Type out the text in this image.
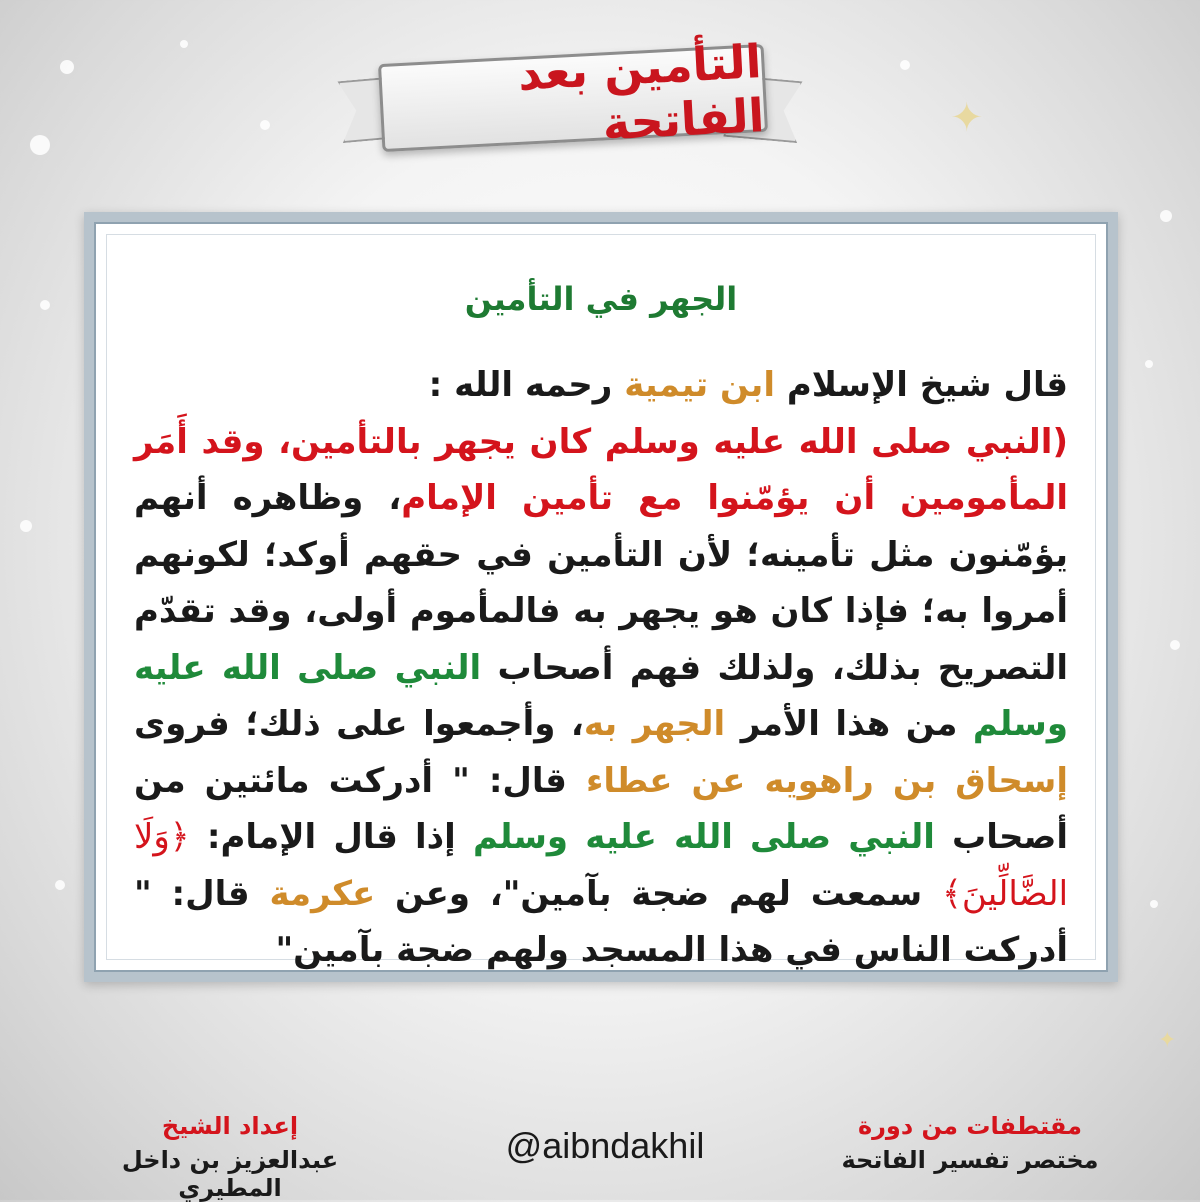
✦
✦
التأمين بعد الفاتحة
الجهر في التأمين
قال شيخ الإسلام ابن تيمية رحمه الله :
(النبي صلى الله عليه وسلم كان يجهر بالتأمين، وقد أَمَر المأمومين أن يؤمّنوا مع تأمين الإمام، وظاهره أنهم يؤمّنون مثل تأمينه؛ لأن التأمين في حقهم أوكد؛ لكونهم أمروا به؛ فإذا كان هو يجهر به فالمأموم أولى، وقد تقدّم التصريح بذلك، ولذلك فهم أصحاب النبي صلى الله عليه وسلم من هذا الأمر الجهر به، وأجمعوا على ذلك؛ فروى إسحاق بن راهويه عن عطاء قال: " أدركت مائتين من أصحاب النبي صلى الله عليه وسلم إذا قال الإمام: ﴿وَلَا الضَّالِّينَ﴾ سمعت لهم ضجة بآمين"، وعن عكرمة قال: " أدركت الناس في هذا المسجد ولهم ضجة بآمين"
مقتطفات من دورة
مختصر تفسير الفاتحة
@aibndakhil
إعداد الشيخ
عبدالعزيز بن داخل المطيري
